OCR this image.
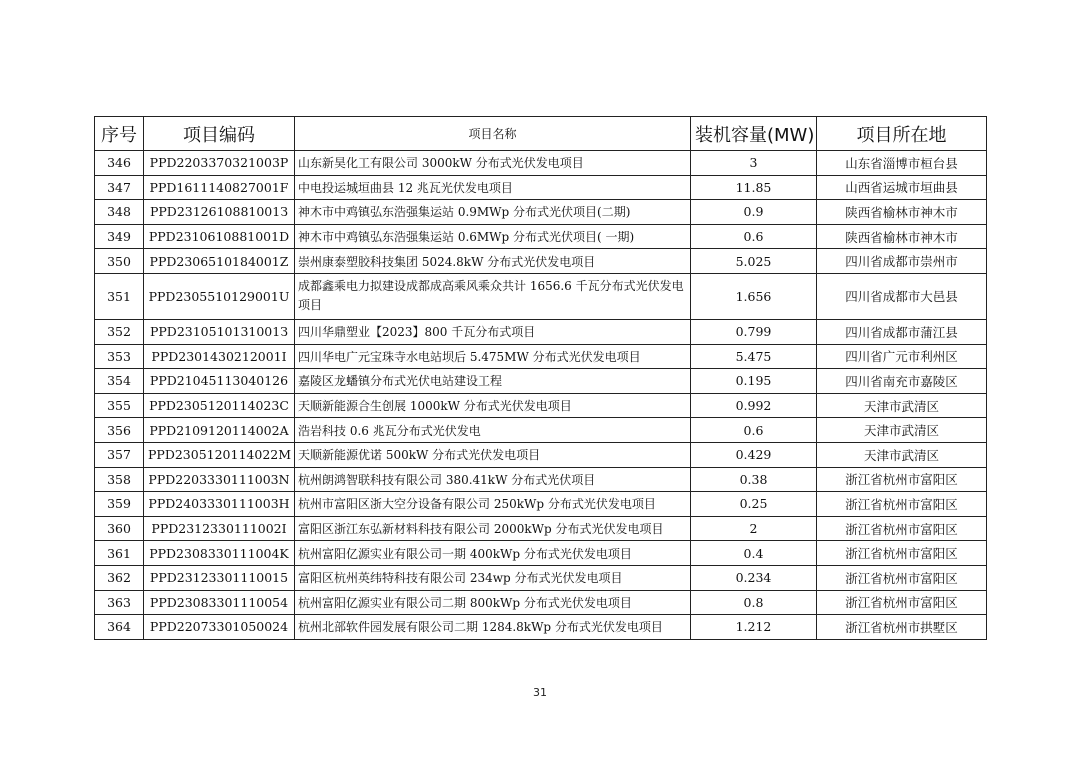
序号	项目编码	项目名称	装机容量(MW)	项目所在地
346	PPD2203370321003P	山东新昊化工有限公司 3000kW 分布式光伏发电项目	3	山东省淄博市桓台县
347	PPD1611140827001F	中电投运城垣曲县 12 兆瓦光伏发电项目	11.85	山西省运城市垣曲县
348	PPD2312610881001З	神木市中鸡镇弘东浩强集运站 0.9MWp 分布式光伏项目(二期)	0.9	陕西省榆林市神木市
349	PPD2310610881001D	神木市中鸡镇弘东浩强集运站 0.6MWp 分布式光伏项目( 一期)	0.6	陕西省榆林市神木市
350	PPD2306510184001Z	崇州康泰塑胶科技集团 5024.8kW 分布式光伏发电项目	5.025	四川省成都市崇州市
351	PPD2305510129001U	成都鑫乘电力拟建设成都成高乘风乘众共计 1656.6 千瓦分布式光伏发电项目	1.656	四川省成都市大邑县
352	PPD2310510131001З	四川华鼎塑业【2023】800 千瓦分布式项目	0.799	四川省成都市蒲江县
353	PPD2301430212001I	四川华电广元宝珠寺水电站坝后 5.475MW 分布式光伏发电项目	5.475	四川省广元市利州区
354	PPD21045113040126	嘉陵区龙蟠镇分布式光伏电站建设工程	0.195	四川省南充市嘉陵区
355	PPD2305120114023C	天顺新能源合生创展 1000kW 分布式光伏发电项目	0.992	天津市武清区
356	PPD2109120114002A	浩岩科技 0.6 兆瓦分布式光伏发电	0.6	天津市武清区
357	PPD2305120114022M	天顺新能源优诺 500kW 分布式光伏发电项目	0.429	天津市武清区
358	PPD2203330111003N	杭州朗鸿智联科技有限公司 380.41kW 分布式光伏项目	0.38	浙江省杭州市富阳区
359	PPD2403330111003H	杭州市富阳区浙大空分设备有限公司 250kWp 分布式光伏发电项目	0.25	浙江省杭州市富阳区
360	PPD2312330111002I	富阳区浙江东弘新材料科技有限公司 2000kWp 分布式光伏发电项目	2	浙江省杭州市富阳区
361	PPD2308330111004K	杭州富阳亿源实业有限公司一期 400kWp 分布式光伏发电项目	0.4	浙江省杭州市富阳区
362	PPD23123301110015	富阳区杭州英纬特科技有限公司 234wp 分布式光伏发电项目	0.234	浙江省杭州市富阳区
363	PPD23083301110054	杭州富阳亿源实业有限公司二期 800kWp 分布式光伏发电项目	0.8	浙江省杭州市富阳区
364	PPD22073301050024	杭州北部软件园发展有限公司二期 1284.8kWp 分布式光伏发电项目	1.212	浙江省杭州市拱墅区
31
